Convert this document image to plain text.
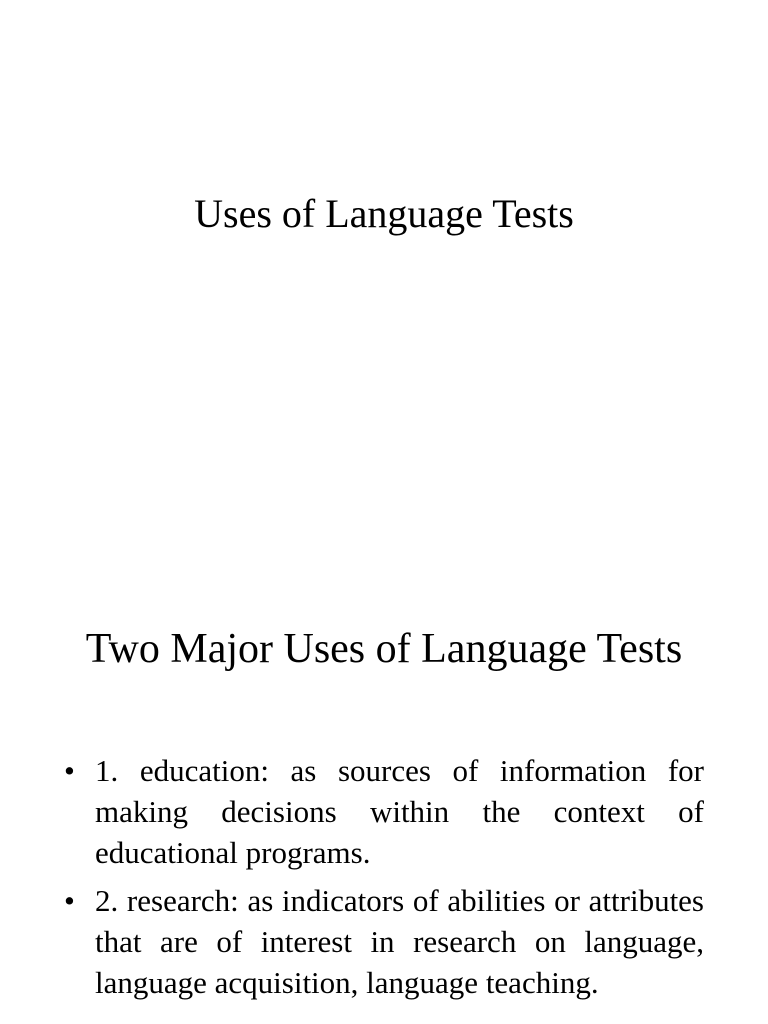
Uses of Language Tests
Two Major Uses of Language Tests
• 1. education: as sources of information for making decisions within the context of educational programs.
• 2. research: as indicators of abilities or attributes that are of interest in research on language, language acquisition, language teaching.
